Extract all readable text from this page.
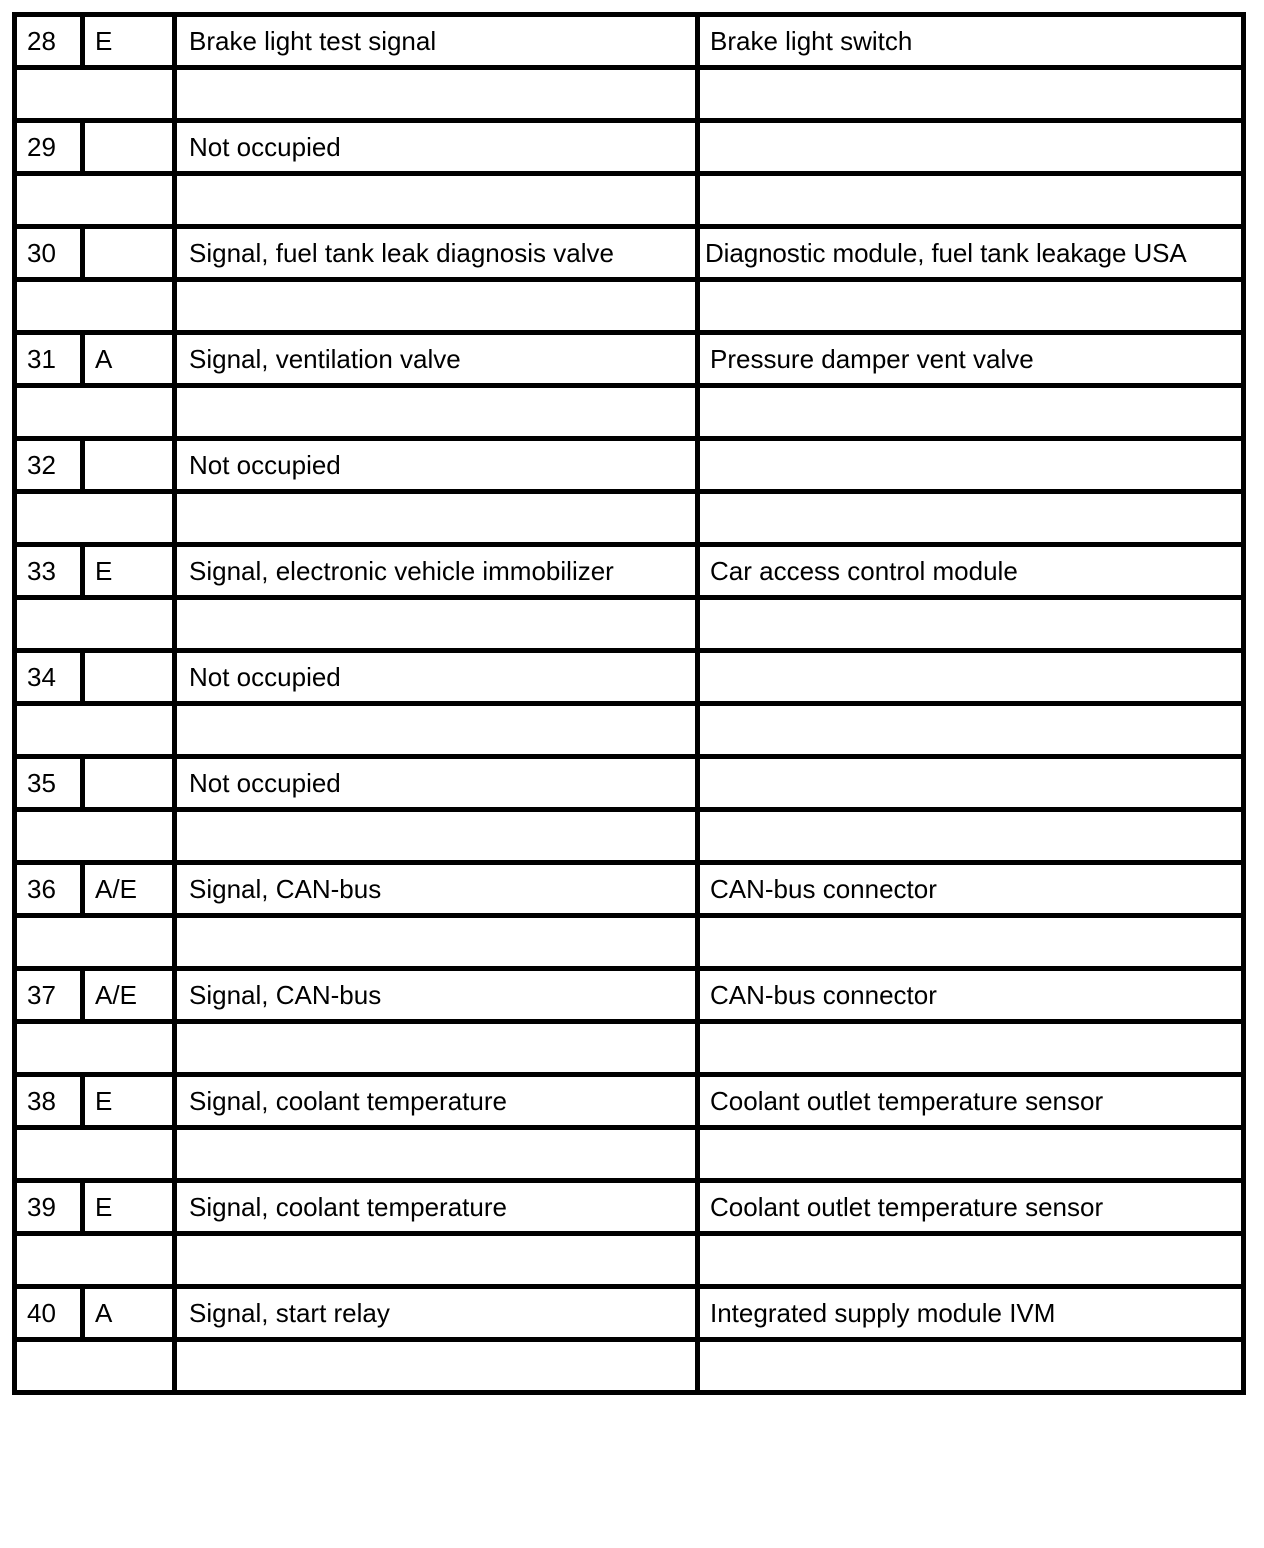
28	E	Brake light test signal	Brake light switch

29		Not occupied	

30		Signal, fuel tank leak diagnosis valve	Diagnostic module, fuel tank leakage USA

31	A	Signal, ventilation valve	Pressure damper vent valve

32		Not occupied	

33	E	Signal, electronic vehicle immobilizer	Car access control module

34		Not occupied	

35		Not occupied	

36	A/E	Signal, CAN-bus	CAN-bus connector

37	A/E	Signal, CAN-bus	CAN-bus connector

38	E	Signal, coolant temperature	Coolant outlet temperature sensor

39	E	Signal, coolant temperature	Coolant outlet temperature sensor

40	A	Signal, start relay	Integrated supply module IVM
